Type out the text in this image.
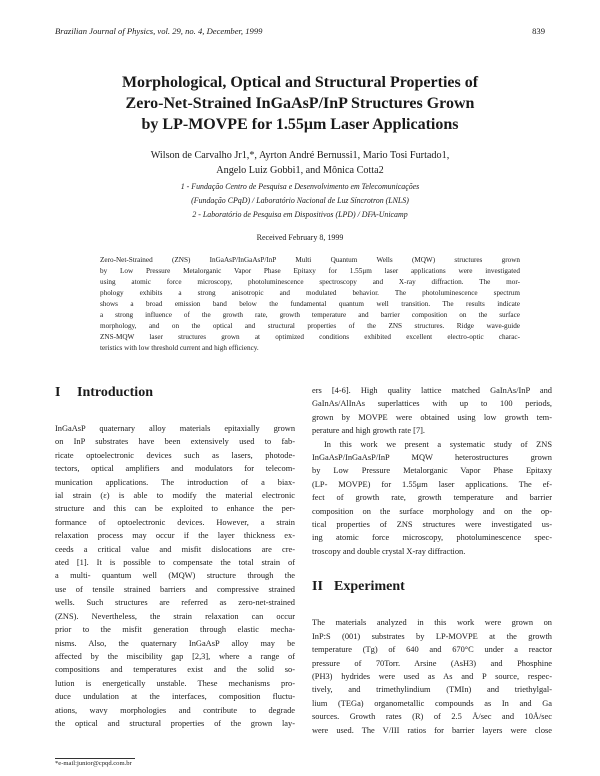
Brazilian Journal of Physics, vol. 29, no. 4, December, 1999	839
Morphological, Optical and Structural Properties of
Zero-Net-Strained InGaAsP/InP Structures Grown
by LP-MOVPE for 1.55μm Laser Applications
Wilson de Carvalho Jr1,*, Ayrton André Bernussi1, Mario Tosi Furtado1,
Angelo Luiz Gobbi1, and Mônica Cotta2
1 - Fundação Centro de Pesquisa e Desenvolvimento em Telecomunicações
(Fundação CPqD) / Laboratório Nacional de Luz Síncrotron (LNLS)
2 - Laboratório de Pesquisa em Dispositivos (LPD) / DFA-Unicamp
Received February 8, 1999
Zero-Net-Strained (ZNS) InGaAsP/InGaAsP/InP Multi Quantum Wells (MQW) structures grown
by Low Pressure Metalorganic Vapor Phase Epitaxy for 1.55μm laser applications were investigated
using atomic force microscopy, photoluminescence spectroscopy and X-ray diffraction. The mor-
phology exhibits a strong anisotropic and modulated behavior. The photoluminescence spectrum
shows a broad emission band below the fundamental quantum well transition. The results indicate
a strong influence of the growth rate, growth temperature and barrier composition on the surface
morphology, and on the optical and structural properties of the ZNS structures. Ridge wave-guide
ZNS-MQW laser structures grown at optimized conditions exhibited excellent electro-optic charac-
teristics with low threshold current and high efficiency.
I Introduction
InGaAsP quaternary alloy materials epitaxially grown
on InP substrates have been extensively used to fab-
ricate optoelectronic devices such as lasers, photode-
tectors, optical amplifiers and modulators for telecom-
munication applications. The introduction of a biax-
ial strain (ε) is able to modify the material electronic
structure and this can be exploited to enhance the per-
formance of optoelectronic devices. However, a strain
relaxation process may occur if the layer thickness ex-
ceeds a critical value and misfit dislocations are cre-
ated [1]. It is possible to compensate the total strain of
a multi- quantum well (MQW) structure through the
use of tensile strained barriers and compressive strained
wells. Such structures are referred as zero-net-strained
(ZNS). Nevertheless, the strain relaxation can occur
prior to the misfit generation through elastic mecha-
nisms. Also, the quaternary InGaAsP alloy may be
affected by the miscibility gap [2,3], where a range of
compositions and temperatures exist and the solid so-
lution is energetically unstable. These mechanisms pro-
duce undulation at the interfaces, composition fluctu-
ations, wavy morphologies and contribute to degrade
the optical and structural properties of the grown lay-
ers [4-6]. High quality lattice matched GaInAs/InP and
GaInAs/AlInAs superlattices with up to 100 periods,
grown by MOVPE were obtained using low growth tem-
perature and high growth rate [7].
In this work we present a systematic study of ZNS
InGaAsP/InGaAsP/InP MQW heterostructures grown
by Low Pressure Metalorganic Vapor Phase Epitaxy
(LP- MOVPE) for 1.55μm laser applications. The ef-
fect of growth rate, growth temperature and barrier
composition on the surface morphology and on the op-
tical properties of ZNS structures were investigated us-
ing atomic force microscopy, photoluminescence spec-
troscopy and double crystal X-ray diffraction.
II Experiment
The materials analyzed in this work were grown on
InP:S (001) substrates by LP-MOVPE at the growth
temperature (Tg) of 640 and 670°C under a reactor
pressure of 70Torr. Arsine (AsH3) and Phosphine
(PH3) hydrides were used as As and P source, respec-
tively, and trimethylindium (TMIn) and triethylgal-
lium (TEGa) organometallic compounds as In and Ga
sources. Growth rates (R) of 2.5 Å/sec and 10Å/sec
were used. The V/III ratios for barrier layers were close
*e-mail:junior@cpqd.com.br
